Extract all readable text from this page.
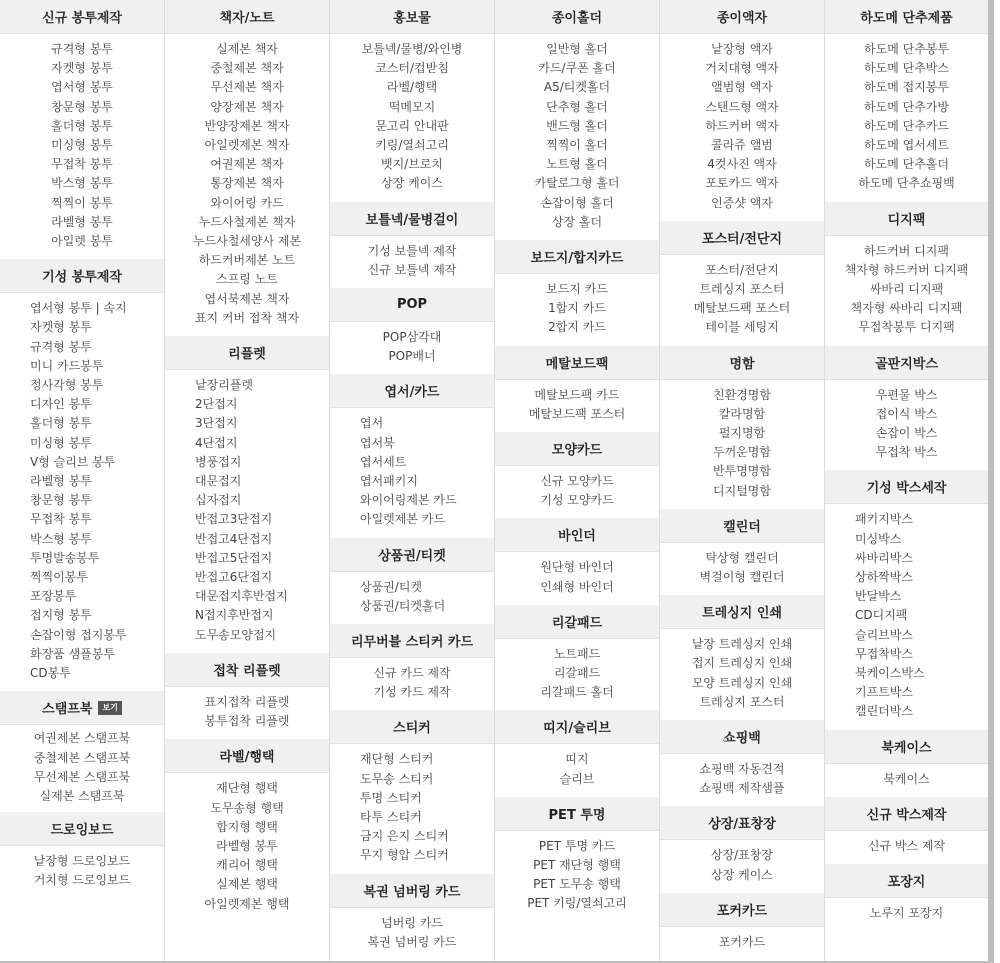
신규 봉투제작
규격형 봉투
자켓형 봉투
엽서형 봉투
창문형 봉투
홀더형 봉투
미싱형 봉투
무접착 봉투
박스형 봉투
찍찍이 봉투
라벨형 봉투
아일렛 봉투
기성 봉투제작
엽서형 봉투 | 속지
자켓형 봉투
규격형 봉투
미니 카드봉투
정사각형 봉투
디자인 봉투
홀더형 봉투
미싱형 봉투
V형 슬리브 봉투
라벨형 봉투
창문형 봉투
무접착 봉투
박스형 봉투
투명발송봉투
찍찍이봉투
포장봉투
접지형 봉투
손잡이형 접지봉투
화장품 샘플봉투
CD봉투
스탬프북	보기
여권제본 스탬프북
중철제본 스탬프북
무선제본 스탬프북
실제본 스탬프북
드로잉보드
낱장형 드로잉보드
거치형 드로잉보드
책자/노트
실제본 책자
중철제본 책자
무선제본 책자
양장제본 책자
반양장제본 책자
아일렛제본 책자
여권제본 책자
통장제본 책자
와이어링 카드
누드사철제본 책자
누드사철세양사 제본
하드커버제본 노트
스프링 노트
엽서북제본 책자
표지 커버 접착 책자
리플렛
낱장리플렛
2단접지
3단접지
4단접지
병풍접지
대문접지
십자접지
반접고3단접지
반접고4단접지
반접고5단접지
반접고6단접지
대문접지후반접지
N접지후반접지
도무송모양접지
접착 리플렛
표지접착 리플렛
봉투접착 리플렛
라벨/행택
재단형 행택
도무송형 행택
합지형 행택
라벨형 봉투
캐리어 행택
실제본 행택
아일렛제본 행택
홍보물
보틀넥/물병/와인병
코스터/컵받침
라벨/행택
떡메모지
문고리 안내판
키링/열쇠고리
뱃지/브로치
상장 케이스
보틀넥/물병걸이
기성 보틀넥 제작
신규 보틀넥 제작
POP
POP삼각대
POP배너
엽서/카드
엽서
엽서북
엽서세트
엽서패키지
와이어링제본 카드
아일렛제본 카드
상품권/티켓
상품권/티켓
상품권/티켓홀더
리무버블 스티커 카드
신규 카드 제작
기성 카드 제작
스티커
재단형 스티커
도무송 스티커
투명 스티커
타투 스티커
금지 은지 스티커
무지 형압 스티커
복권 넘버링 카드
넘버링 카드
복권 넘버링 카드
종이홀더
일반형 홀더
카드/쿠폰 홀더
A5/티켓홀더
단추형 홀더
밴드형 홀더
찍찍이 홀더
노트형 홀더
카탈로그형 홀더
손잡이형 홀더
상장 홀더
보드지/합지카드
보드지 카드
1합지 카드
2합지 카드
메탈보드팩
메탈보드팩 카드
메탈보드팩 포스터
모양카드
신규 모양카드
기성 모양카드
바인더
원단형 바인더
인쇄형 바인더
리갈패드
노트패드
리갈패드
리갈패드 홀더
띠지/슬리브
띠지
슬리브
PET 투명
PET 투명 카드
PET 재단형 행택
PET 도무송 행택
PET 키링/열쇠고리
종이액자
낱장형 액자
거치대형 액자
앨범형 액자
스탠드형 액자
하드커버 액자
콜라쥬 앨범
4컷사진 액자
포토카드 액자
인증샷 액자
포스터/전단지
포스터/전단지
트레싱지 포스터
메탈보드팩 포스터
테이블 세팅지
명함
친환경명함
칼라명함
펄지명함
두꺼운명함
반투명명함
디지털명함
캘린더
탁상형 캘린더
벽걸이형 캘린더
트레싱지 인쇄
낱장 트레싱지 인쇄
접지 트레싱지 인쇄
모양 트레싱지 인쇄
트레싱지 포스터
쇼핑백
쇼핑백 자동견적
쇼핑백 제작샘플
상장/표창장
상장/표창장
상장 케이스
포커카드
포커카드
하도메 단추제품
하도메 단추봉투
하도메 단추박스
하도메 접지봉투
하도메 단추가방
하도메 단추카드
하도메 엽서세트
하도메 단추홀더
하도메 단추쇼핑백
디지팩
하드커버 디지팩
책자형 하드커버 디지팩
싸바리 디지팩
책자형 싸바리 디지팩
무접착봉투 디지팩
골판지박스
우편물 박스
접이식 박스
손잡이 박스
무접착 박스
기성 박스세작
패키지박스
미싱박스
싸바리박스
상하짝박스
반달박스
CD디지팩
슬리브박스
무접착박스
북케이스박스
기프트박스
캘린더박스
북케이스
북케이스
신규 박스제작
신규 박스 제작
포장지
노루지 포장지
